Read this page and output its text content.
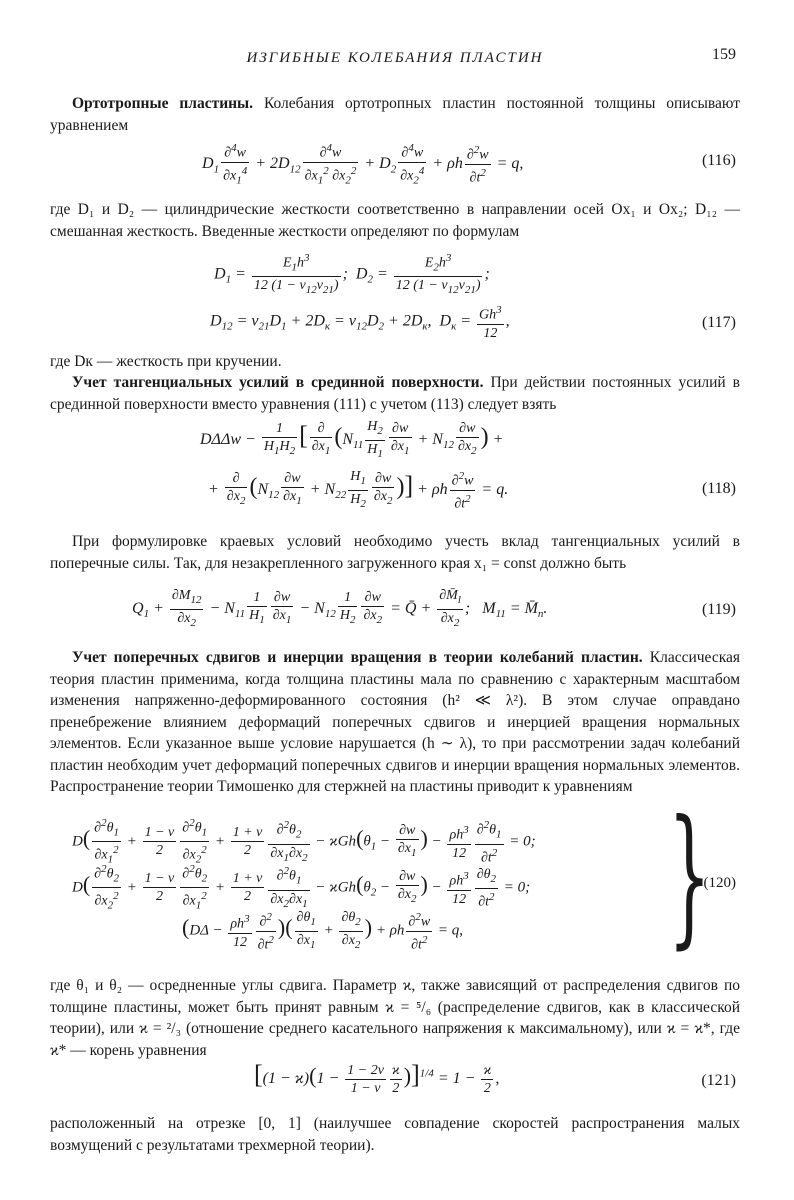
ИЗГИБНЫЕ КОЛЕБАНИЯ ПЛАСТИН	159

Ортотропные пластины. Колебания ортотропных пластин постоянной толщины описывают уравнением

$D_1 \frac{\partial^4w}{\partial x_1^4} + 2D_{12} \frac{\partial^4w}{\partial x_1^2 \partial x_2^2} + D_2 \frac{\partial^4w}{\partial x_2^4} + \rho h \frac{\partial^2w}{\partial t^2} = q$,	(116)

где D₁ и D₂ — цилиндрические жесткости соответственно в направлении осей Ox₁ и Ox₂; D₁₂ — смешанная жесткость. Введенные жесткости определяют по формулам

$D_1 = \frac{E_1h^3}{12 (1 - \nu_{12}\nu_{21})}$ ;  $D_2 = \frac{E_2h^3}{12 (1 - \nu_{12}\nu_{21})}$ ;
$D_{12} = \nu_{21}D_1 + 2D_к = \nu_{12}D_2 + 2D_к$,  $D_к = \frac{Gh^3}{12}$ ,	(117)

где Dк — жесткость при кручении.

Учет тангенциальных усилий в срединной поверхности. При действии постоянных усилий в срединной поверхности вместо уравнения (111) с учетом (113) следует взять

$D\Delta\Delta w - \frac{1}{H_1H_2}$ [ $\frac{\partial}{\partial x_1} (N_{11} \frac{H_2}{H_1} \frac{\partial w}{\partial x_1} + N_{12} \frac{\partial w}{\partial x_2}$ ) +
+ $\frac{\partial}{\partial x_2} (N_{12} \frac{\partial w}{\partial x_1} + N_{22} \frac{H_1}{H_2} \frac{\partial w}{\partial x_2}$ )] + ρh $\frac{\partial^2w}{\partial t^2} = q$.	(118)

При формулировке краевых условий необходимо учесть вклад тангенциальных усилий в поперечные силы. Так, для незакрепленного загруженного края x₁ = const должно быть

$Q_1 + \frac{\partial M_{12}}{\partial x_2} - N_{11} \frac{1}{H_1} \frac{\partial w}{\partial x_1} - N_{12} \frac{1}{H_2} \frac{\partial w}{\partial x_2}$ = Q̄ + $\frac{\partial M̄_l}{\partial x_2}$ ;   $M_{11}$ = $M̄_n$.	(119)

Учет поперечных сдвигов и инерции вращения в теории колебаний пластин. Классическая теория пластин применима, когда толщина пластины мала по сравнению с характерным масштабом изменения напряженно-деформированного состояния (h² ≪ λ²). В этом случае оправдано пренебрежение влиянием деформаций поперечных сдвигов и инерцией вращения нормальных элементов. Если указанное выше условие нарушается (h ∼ λ), то при рассмотрении задач колебаний пластин необходим учет деформаций поперечных сдвигов и инерции вращения нормальных элементов. Распространение теории Тимошенко для стержней на пластины приводит к уравнениям

$D( \frac{\partial^2\theta_1}{\partial x_1^2} + \frac{1 - \nu}{2} \frac{\partial^2\theta_1}{\partial x_2^2} + \frac{1 + \nu}{2} \frac{\partial^2\theta_2}{\partial x_1\partial x_2} - ϰGh(\theta_1 - \frac{\partial w}{\partial x_1}$ ) − $\frac{\rho h^3}{12} \frac{\partial^2\theta_1}{\partial t^2} = 0$;
$D( \frac{\partial^2\theta_2}{\partial x_2^2} + \frac{1 - \nu}{2} \frac{\partial^2\theta_2}{\partial x_1^2} + \frac{1 + \nu}{2} \frac{\partial^2\theta_1}{\partial x_2\partial x_1} - ϰGh(\theta_2 - \frac{\partial w}{\partial x_2}$ ) − $\frac{\rho h^3}{12} \frac{\partial\theta_2}{\partial t^2} = 0$;
($D\Delta - \frac{\rho h^3}{12} \frac{\partial^2}{\partial t^2}$ )( $\frac{\partial\theta_1}{\partial x_1} + \frac{\partial\theta_2}{\partial x_2}$ ) + ρh $\frac{\partial^2w}{\partial t^2} = q$, }
(120)

где θ₁ и θ₂ — осредненные углы сдвига. Параметр ϰ, также зависящий от распределения сдвигов по толщине пластины, может быть принят равным ϰ = ⁵/₆ (распределение сдвигов, как в классической теории), или ϰ = ²/₃ (отношение среднего касательного напряжения к максимальному), или ϰ = ϰ*, где ϰ* — корень уравнения

$[(1 - ϰ)(1 - \frac{1 - 2\nu}{1 - \nu} \frac{ϰ}{2} )]^{1/4} = 1 - \frac{ϰ}{2}$ ,	(121)

расположенный на отрезке [0, 1] (наилучшее совпадение скоростей распространения малых возмущений с результатами трехмерной теории).
